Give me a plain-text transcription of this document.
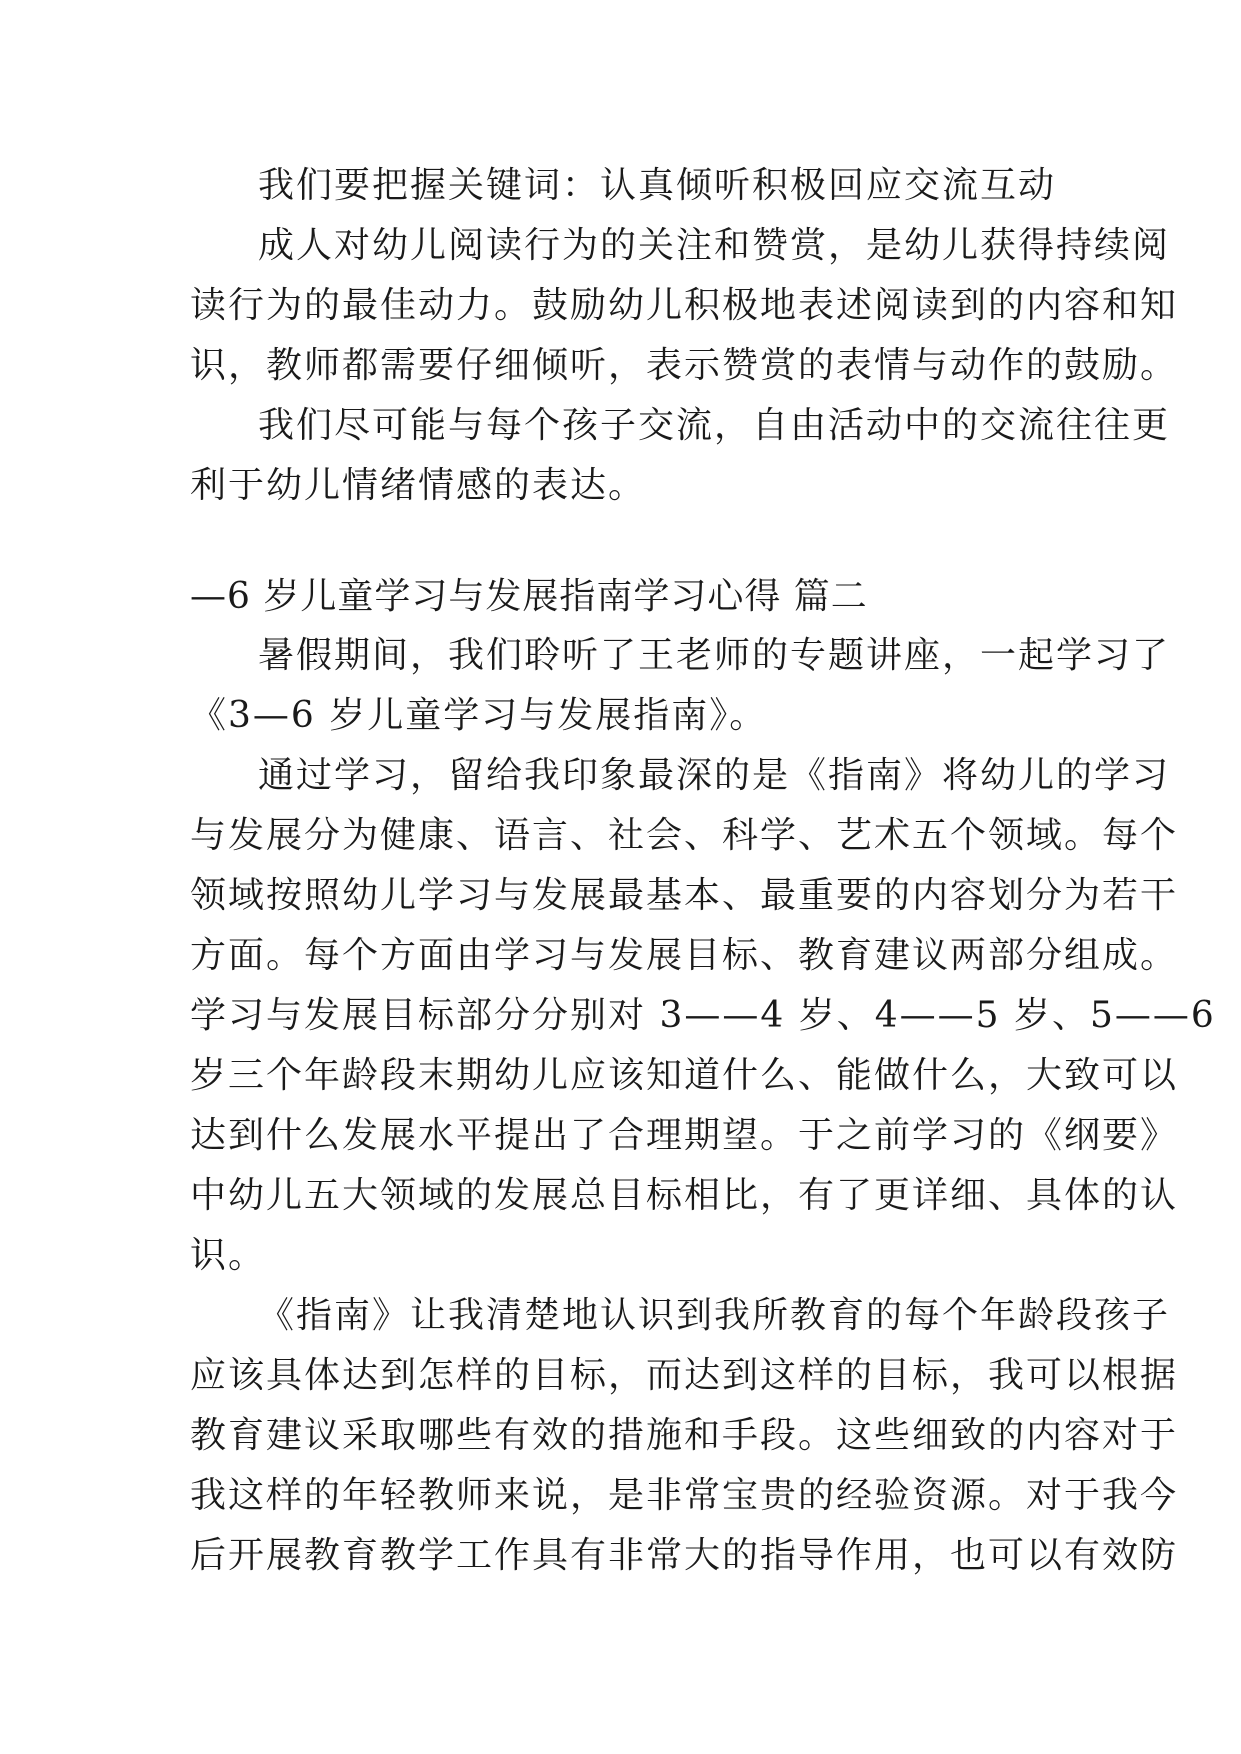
我们要把握关键词：认真倾听积极回应交流互动
成人对幼儿阅读行为的关注和赞赏，是幼儿获得持续阅
读行为的最佳动力。鼓励幼儿积极地表述阅读到的内容和知
识，教师都需要仔细倾听，表示赞赏的表情与动作的鼓励。
我们尽可能与每个孩子交流，自由活动中的交流往往更
利于幼儿情绪情感的表达。
—6 岁儿童学习与发展指南学习心得 篇二
暑假期间，我们聆听了王老师的专题讲座，一起学习了
《3—6 岁儿童学习与发展指南》。
通过学习，留给我印象最深的是《指南》将幼儿的学习
与发展分为健康、语言、社会、科学、艺术五个领域。每个
领域按照幼儿学习与发展最基本、最重要的内容划分为若干
方面。每个方面由学习与发展目标、教育建议两部分组成。
学习与发展目标部分分别对 3——4 岁、4——5 岁、5——6
岁三个年龄段末期幼儿应该知道什么、能做什么，大致可以
达到什么发展水平提出了合理期望。于之前学习的《纲要》
中幼儿五大领域的发展总目标相比，有了更详细、具体的认
识。
《指南》让我清楚地认识到我所教育的每个年龄段孩子
应该具体达到怎样的目标，而达到这样的目标，我可以根据
教育建议采取哪些有效的措施和手段。这些细致的内容对于
我这样的年轻教师来说，是非常宝贵的经验资源。对于我今
后开展教育教学工作具有非常大的指导作用，也可以有效防
